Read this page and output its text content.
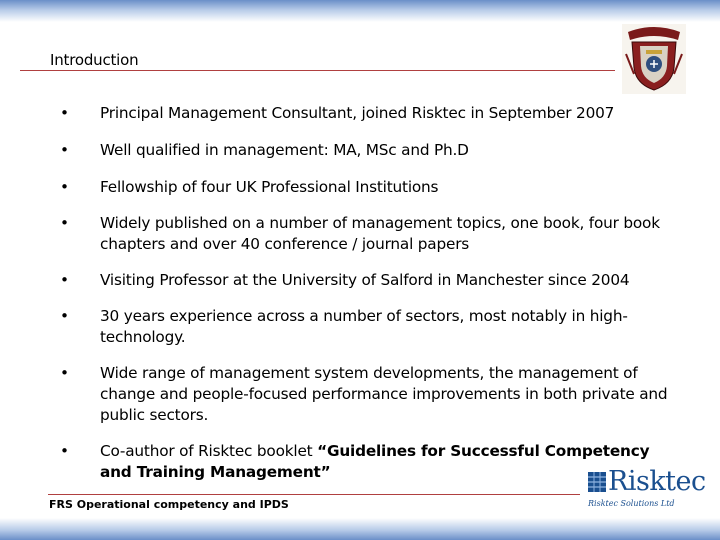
Introduction
• Principal Management Consultant, joined Risktec in September 2007
• Well qualified in management: MA, MSc and Ph.D
• Fellowship of four UK Professional Institutions
• Widely published on a number of management topics, one book, four book chapters and over 40 conference / journal papers
• Visiting Professor at the University of Salford in Manchester since 2004
• 30 years experience across a number of sectors, most notably in high-technology.
• Wide range of management system developments, the management of change and people-focused performance improvements in both private and public sectors.
• Co-author of Risktec booklet “Guidelines for Successful Competency and Training Management”
FRS Operational competency and IPDS
Risktec
Risktec Solutions Ltd
